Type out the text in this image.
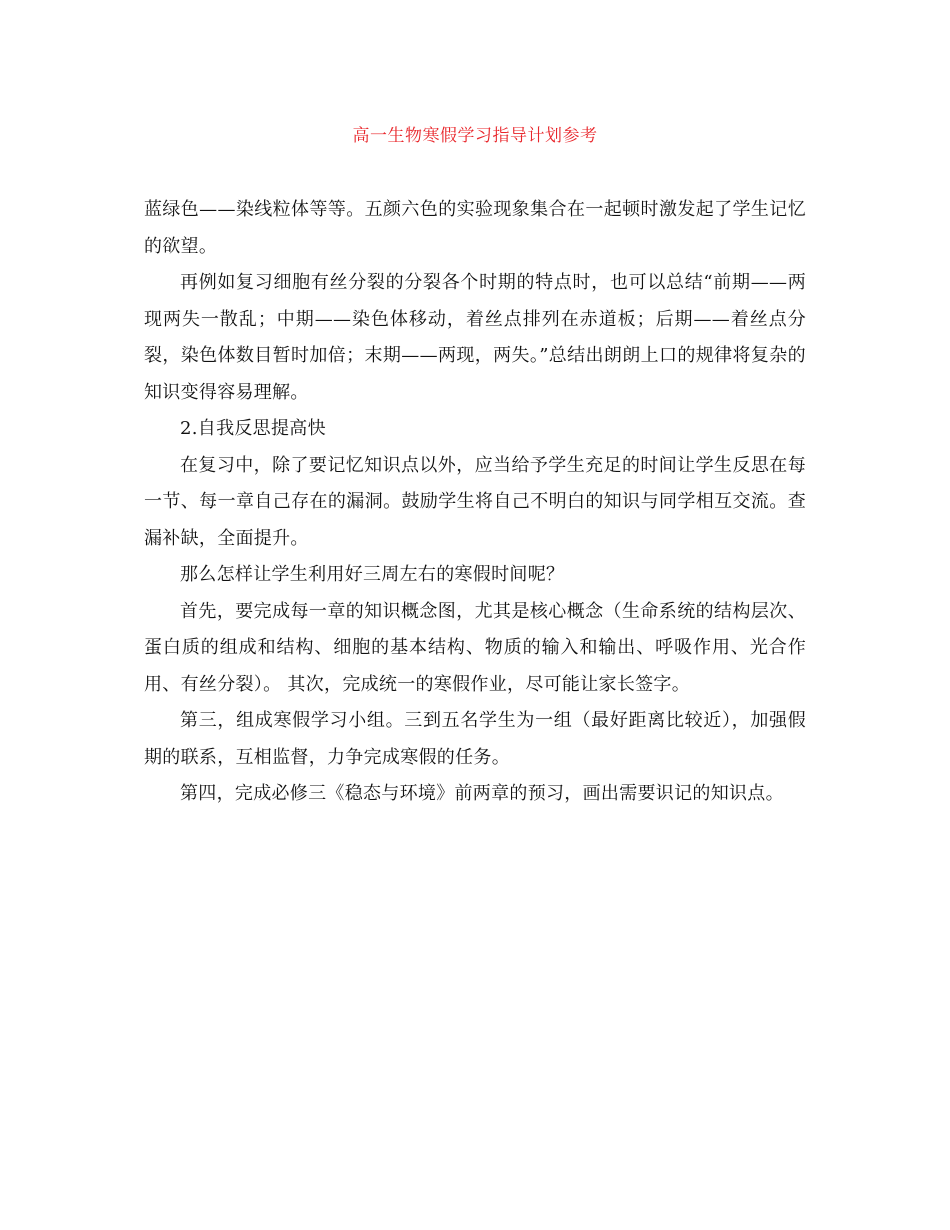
高一生物寒假学习指导计划参考

蓝绿色——染线粒体等等。五颜六色的实验现象集合在一起顿时激发起了学生记忆的欲望。

再例如复习细胞有丝分裂的分裂各个时期的特点时，也可以总结“前期——两现两失一散乱；中期——染色体移动，着丝点排列在赤道板；后期——着丝点分裂，染色体数目暂时加倍；末期——两现，两失。”总结出朗朗上口的规律将复杂的知识变得容易理解。

2.自我反思提高快

在复习中，除了要记忆知识点以外，应当给予学生充足的时间让学生反思在每一节、每一章自己存在的漏洞。鼓励学生将自己不明白的知识与同学相互交流。查漏补缺，全面提升。

那么怎样让学生利用好三周左右的寒假时间呢？

首先，要完成每一章的知识概念图，尤其是核心概念（生命系统的结构层次、蛋白质的组成和结构、细胞的基本结构、物质的输入和输出、呼吸作用、光合作用、有丝分裂）。 其次，完成统一的寒假作业，尽可能让家长签字。

第三，组成寒假学习小组。三到五名学生为一组（最好距离比较近），加强假期的联系，互相监督，力争完成寒假的任务。

第四，完成必修三《稳态与环境》前两章的预习，画出需要识记的知识点。
